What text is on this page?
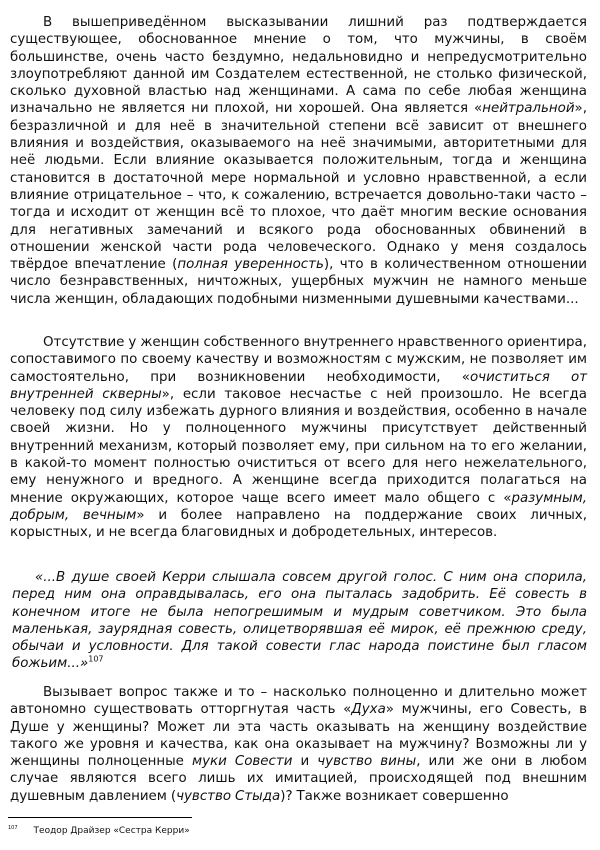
В вышеприведённом высказывании лишний раз подтверждается существующее, обоснованное мнение о том, что мужчины, в своём большинстве, очень часто бездумно, недальновидно и непредусмотрительно злоупотребляют данной им Создателем естественной, не столько физической, сколько духовной властью над женщинами. А сама по себе любая женщина изначально не является ни плохой, ни хорошей. Она является «нейтральной», безразличной и для неё в значительной степени всё зависит от внешнего влияния и воздействия, оказываемого на неё значимыми, авторитетными для неё людьми. Если влияние оказывается положительным, тогда и женщина становится в достаточной мере нормальной и условно нравственной, а если влияние отрицательное – что, к сожалению, встречается довольно-таки часто – тогда и исходит от женщин всё то плохое, что даёт многим веские основания для негативных замечаний и всякого рода обоснованных обвинений в отношении женской части рода человеческого. Однако у меня создалось твёрдое впечатление (полная уверенность), что в количественном отношении число безнравственных, ничтожных, ущербных мужчин не намного меньше числа женщин, обладающих подобными низменными душевными качествами...

Отсутствие у женщин собственного внутреннего нравственного ориентира, сопоставимого по своему качеству и возможностям с мужским, не позволяет им самостоятельно, при возникновении необходимости, «очиститься от внутренней скверны», если таковое несчастье с ней произошло. Не всегда человеку под силу избежать дурного влияния и воздействия, особенно в начале своей жизни. Но у полноценного мужчины присутствует действенный внутренний механизм, который позволяет ему, при сильном на то его желании, в какой-то момент полностью очиститься от всего для него нежелательного, ему ненужного и вредного. А женщине всегда приходится полагаться на мнение окружающих, которое чаще всего имеет мало общего с «разумным, добрым, вечным» и более направлено на поддержание своих личных, корыстных, и не всегда благовидных и добродетельных, интересов.

«...В душе своей Керри слышала совсем другой голос. С ним она спорила, перед ним она оправдывалась, его она пыталась задобрить. Её совесть в конечном итоге не была непогрешимым и мудрым советчиком. Это была маленькая, заурядная совесть, олицетворявшая её мирок, её прежнюю среду, обычаи и условности. Для такой совести глас народа поистине был гласом божьим...»$^{107}$

Вызывает вопрос также и то – насколько полноценно и длительно может автономно существовать отторгнутая часть «Духа» мужчины, его Совесть, в Душе у женщины? Может ли эта часть оказывать на женщину воздействие такого же уровня и качества, как она оказывает на мужчину? Возможны ли у женщины полноценные муки Совести и чувство вины, или же они в любом случае являются всего лишь их имитацией, происходящей под внешним душевным давлением (чувство Стыда)? Также возникает совершенно

$^{107}$ Теодор Драйзер «Сестра Керри»
